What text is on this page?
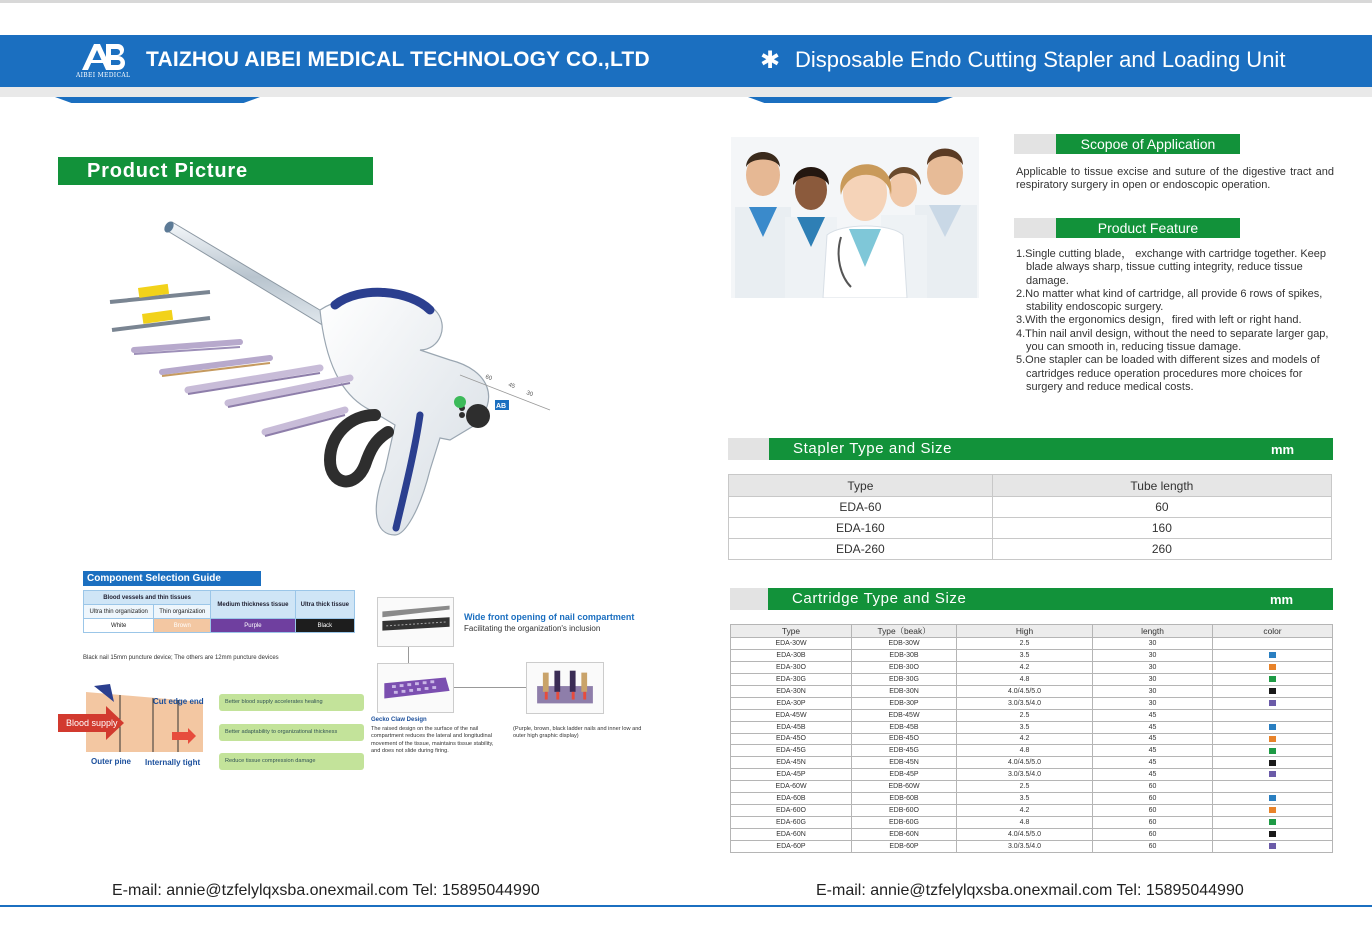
AB
AIBEI MEDICAL
TAIZHOU AIBEI MEDICAL TECHNOLOGY CO.,LTD	✱ Disposable Endo Cutting Stapler and Loading Unit
Product Picture
60
45
30
AB
Component Selection Guide
Blood vessels and thin tissues		Medium thickness tissue	Ultra thick tissue
Ultra thin organization	Thin organization		
White	Brown	Purple	Black
Black nail 15mm puncture device; The others are 12mm puncture devices
Blood supply
Cut edge end
Outer pine Internally tight
Better blood supply accelerates healing
Better adaptability to organizational thickness
Reduce tissue compression damage
Wide front opening of nail compartment
Facilitating the organization's inclusion
Gecko Claw Design
The raised design on the surface of the nail compartment reduces the lateral and longitudinal movement of the tissue, maintains tissue stability, and does not slide during firing.
(Purple, brown, black ladder nails and inner low and outer high graphic display)
Scopoe of Application
Applicable to tissue excise and suture of the digestive tract and respiratory surgery in open or endoscopic operation.
Product Feature
1.Single cutting blade， exchange with cartridge together. Keep blade always sharp, tissue cutting integrity, reduce tissue damage.
2.No matter what kind of cartridge, all provide 6 rows of spikes, stability endoscopic surgery.
3.With the ergonomics design，fired with left or right hand.
4.Thin nail anvil design, without the need to separate larger gap, you can smooth in, reducing tissue damage.
5.One stapler can be loaded with different sizes and models of cartridges reduce operation procedures more choices for surgery and reduce medical costs.
Stapler Type and Size	mm
Type	Tube length
EDA-60	60
EDA-160	160
EDA-260	260
Cartridge Type and Size	mm
Type	Type（beak）	High	length	color
EDA-30W	EDB-30W	2.5	30	
EDA-30B	EDB-30B	3.5	30	
EDA-30O	EDB-30O	4.2	30	
EDA-30G	EDB-30G	4.8	30	
EDA-30N	EDB-30N	4.0/4.5/5.0	30	
EDA-30P	EDB-30P	3.0/3.5/4.0	30	
EDA-45W	EDB-45W	2.5	45	
EDA-45B	EDB-45B	3.5	45	
EDA-45O	EDB-45O	4.2	45	
EDA-45G	EDB-45G	4.8	45	
EDA-45N	EDB-45N	4.0/4.5/5.0	45	
EDA-45P	EDB-45P	3.0/3.5/4.0	45	
EDA-60W	EDB-60W	2.5	60	
EDA-60B	EDB-60B	3.5	60	
EDA-60O	EDB-60O	4.2	60	
EDA-60G	EDB-60G	4.8	60	
EDA-60N	EDB-60N	4.0/4.5/5.0	60	
EDA-60P	EDB-60P	3.0/3.5/4.0	60	
E-mail: annie@tzfelylqxsba.onexmail.com Tel: 15895044990	E-mail: annie@tzfelylqxsba.onexmail.com Tel: 15895044990
